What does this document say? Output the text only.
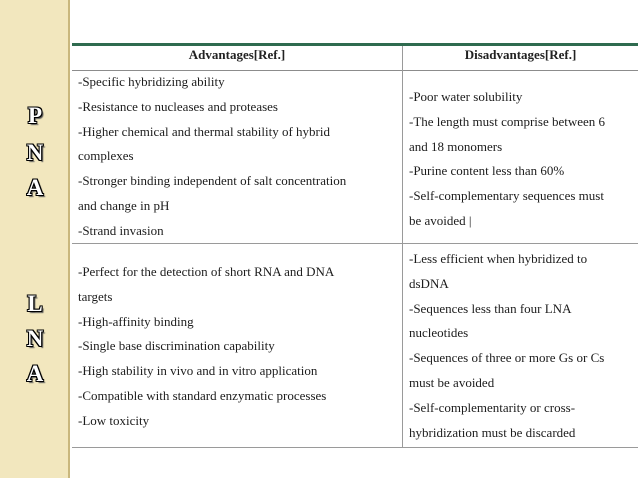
P
N
A
L
N
A
Advantages[Ref.]	Disadvantages[Ref.]
-Specific hybridizing ability
-Resistance to nucleases and proteases
-Higher chemical and thermal stability of hybrid
complexes
-Stronger binding independent of salt concentration
and change in pH
-Strand invasion
-Poor water solubility
-The length must comprise between 6
and 18 monomers
-Purine content less than 60%
-Self-complementary sequences must
be avoided |
-Perfect for the detection of short RNA and DNA
targets
-High-affinity binding
-Single base discrimination capability
-High stability in vivo and in vitro application
-Compatible with standard enzymatic processes
-Low toxicity
-Less efficient when hybridized to
dsDNA
-Sequences less than four LNA
nucleotides
-Sequences of three or more Gs or Cs
must be avoided
-Self-complementarity or cross-
hybridization must be discarded
